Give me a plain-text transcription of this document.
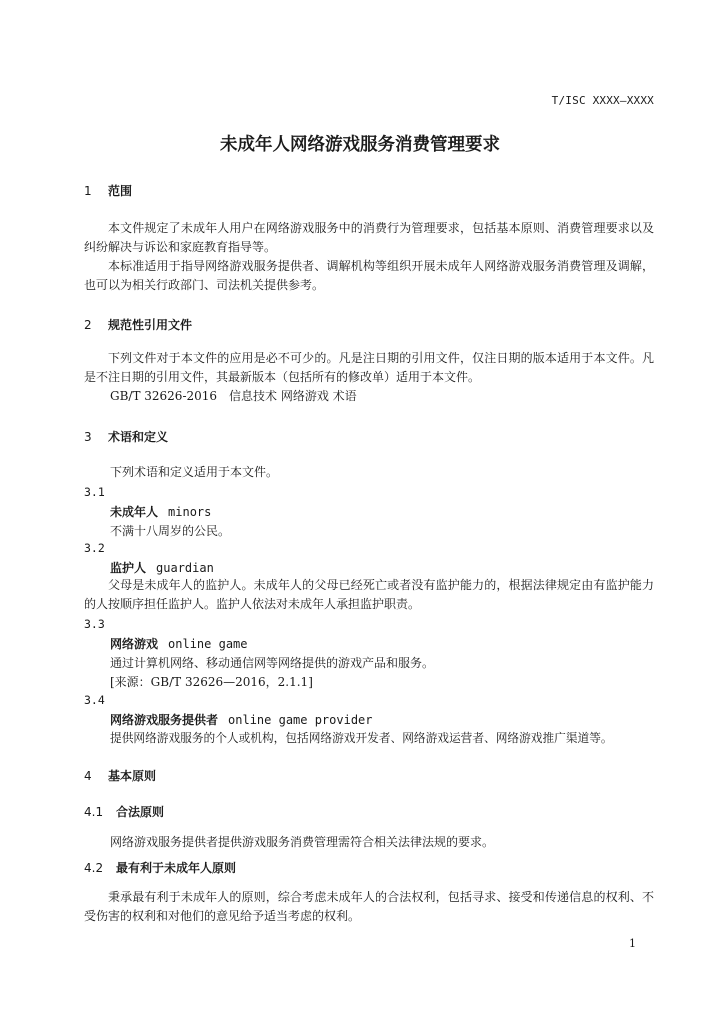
T/ISC XXXX—XXXX
未成年人网络游戏服务消费管理要求
1 范围
本文件规定了未成年人用户在网络游戏服务中的消费行为管理要求，包括基本原则、消费管理要求以及纠纷解决与诉讼和家庭教育指导等。
本标准适用于指导网络游戏服务提供者、调解机构等组织开展未成年人网络游戏服务消费管理及调解，也可以为相关行政部门、司法机关提供参考。
2 规范性引用文件
下列文件对于本文件的应用是必不可少的。凡是注日期的引用文件，仅注日期的版本适用于本文件。凡是不注日期的引用文件，其最新版本（包括所有的修改单）适用于本文件。
GB/T 32626-2016　信息技术 网络游戏 术语
3 术语和定义
下列术语和定义适用于本文件。
3.1
未成年人 minors
不满十八周岁的公民。
3.2
监护人 guardian
父母是未成年人的监护人。未成年人的父母已经死亡或者没有监护能力的，根据法律规定由有监护能力的人按顺序担任监护人。监护人依法对未成年人承担监护职责。
3.3
网络游戏 online game
通过计算机网络、移动通信网等网络提供的游戏产品和服务。
[来源：GB/T 32626—2016，2.1.1]
3.4
网络游戏服务提供者 online game provider
提供网络游戏服务的个人或机构，包括网络游戏开发者、网络游戏运营者、网络游戏推广渠道等。
4 基本原则
4.1 合法原则
网络游戏服务提供者提供游戏服务消费管理需符合相关法律法规的要求。
4.2 最有利于未成年人原则
秉承最有利于未成年人的原则，综合考虑未成年人的合法权利，包括寻求、接受和传递信息的权利、不受伤害的权利和对他们的意见给予适当考虑的权利。
1
